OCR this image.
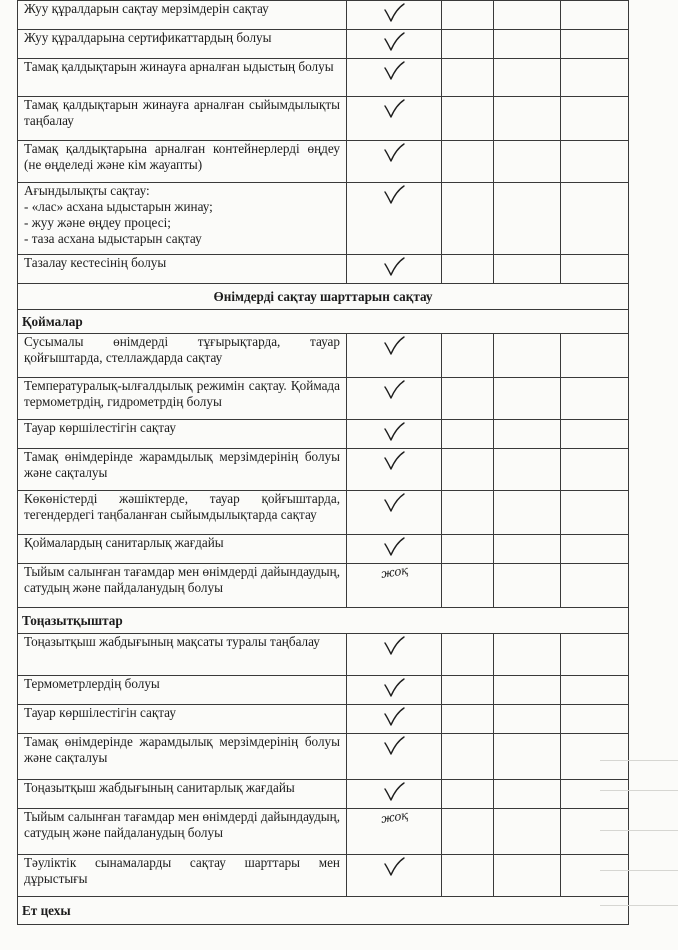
Жуу құралдарын сақтау мерзімдерін сақтау	

Жуу құралдарына сертификаттардың болуы	

Тамақ қалдықтарын жинауға арналған ыдыстың болуы	

Тамақ қалдықтарын жинауға арналған сыйымдылықты таңбалау	

Тамақ қалдықтарына арналған контейнерлерді өңдеу (не өңделеді және кім жауапты)	

Ағындылықты сақтау:
- «лас» асхана ыдыстарын жинау;
- жуу және өңдеу процесі;
- таза асхана ыдыстарын сақтау

Тазалау кестесінің болуы	

Өнімдерді сақтау шарттарын сақтау				
Қоймалар				
Сусымалы өнімдерді тұғырықтарда, тауар қойғыштарда, стеллаждарда сақтау	

Температуралық-ылғалдылық режимін сақтау. Қоймада термометрдің, гидрометрдің болуы	

Тауар көршілестігін сақтау	

Тамақ өнімдерінде жарамдылық мерзімдерінің болуы және сақталуы	

Көкөністерді жәшіктерде, тауар қойғыштарда, тегендердегі таңбаланған сыйымдылықтарда сақтау	

Қоймалардың санитарлық жағдайы	

Тыйым салынған тағамдар мен өнімдерді дайындаудың, сатудың және пайдаланудың болуы	жоқ			
Тоңазытқыштар				
Тоңазытқыш жабдығының мақсаты туралы таңбалау	

Термометрлердің болуы	

Тауар көршілестігін сақтау	

Тамақ өнімдерінде жарамдылық мерзімдерінің болуы және сақталуы	

Тоңазытқыш жабдығының санитарлық жағдайы	

Тыйым салынған тағамдар мен өнімдерді дайындаудың, сатудың және пайдаланудың болуы	жоқ			
Тәуліктік сынамаларды сақтау шарттары мен дұрыстығы	

Ет цехы				
